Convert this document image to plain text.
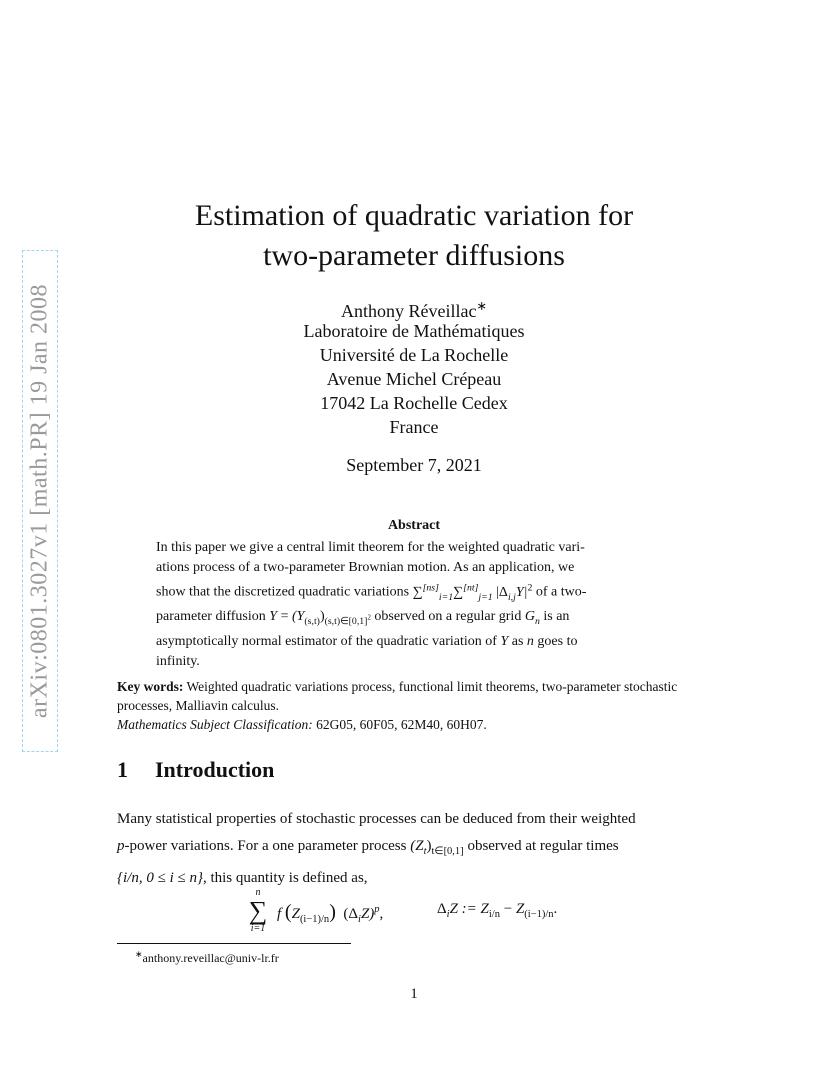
arXiv:0801.3027v1 [math.PR] 19 Jan 2008
Estimation of quadratic variation for
two-parameter diffusions
Anthony Réveillac∗
Laboratoire de Mathématiques
Université de La Rochelle
Avenue Michel Crépeau
17042 La Rochelle Cedex
France
September 7, 2021
Abstract
In this paper we give a central limit theorem for the weighted quadratic vari-
ations process of a two-parameter Brownian motion. As an application, we
show that the discretized quadratic variations $\sum[ns]_{i=1}\sum[nt]_{j=1}$ $|\Delta_{i,j}Y|^2$ of a two-
parameter diffusion $Y = (Y_{(s,t)})_{(s,t)\in[0,1]^2}$ observed on a regular grid $G_n$ is an
asymptotically normal estimator of the quadratic variation of Y as n goes to
infinity.
Key words: Weighted quadratic variations process, functional limit theorems, two-parameter stochastic processes, Malliavin calculus.
Mathematics Subject Classification: 62G05, 60F05, 62M40, 60H07.
1 Introduction
Many statistical properties of stochastic processes can be deduced from their weighted
p-power variations. For a one parameter process $(Z_t)_{t\in[0,1]}$ observed at regular times
{i/n, 0 ≤ i ≤ n}, this quantity is defined as,
n
∑
i=1
f $(Z_{(i-1)/n})$ $(\Delta_iZ)^p$,	$\Delta_iZ$ := $Z_{i/n} - Z_{(i-1)/n}$.
∗anthony.reveillac@univ-lr.fr
1
